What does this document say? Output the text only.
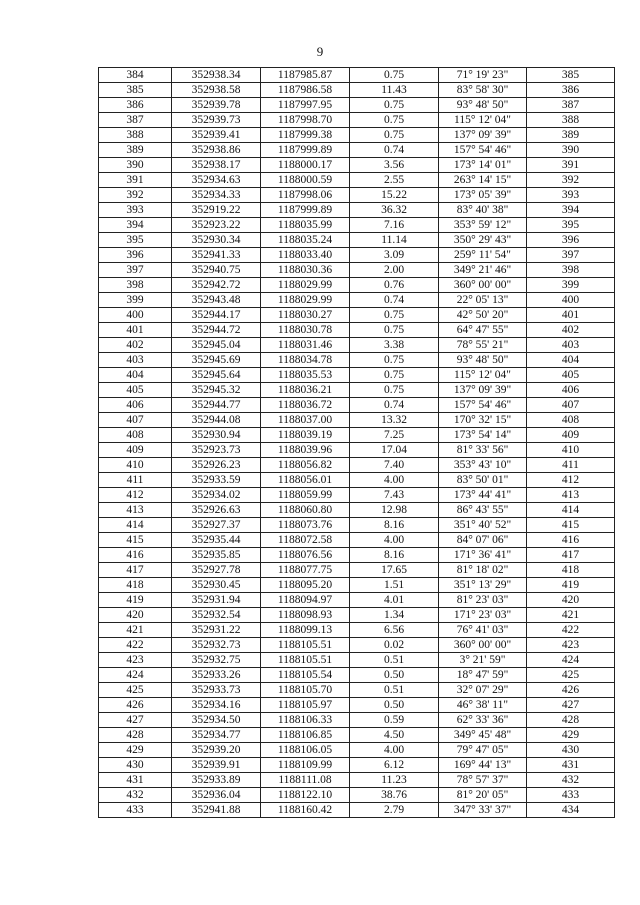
9
384	352938.34	1187985.87	0.75	71° 19' 23"	385
385	352938.58	1187986.58	11.43	83° 58' 30"	386
386	352939.78	1187997.95	0.75	93° 48' 50"	387
387	352939.73	1187998.70	0.75	115° 12' 04"	388
388	352939.41	1187999.38	0.75	137° 09' 39"	389
389	352938.86	1187999.89	0.74	157° 54' 46"	390
390	352938.17	1188000.17	3.56	173° 14' 01"	391
391	352934.63	1188000.59	2.55	263° 14' 15"	392
392	352934.33	1187998.06	15.22	173° 05' 39"	393
393	352919.22	1187999.89	36.32	83° 40' 38"	394
394	352923.22	1188035.99	7.16	353° 59' 12"	395
395	352930.34	1188035.24	11.14	350° 29' 43"	396
396	352941.33	1188033.40	3.09	259° 11' 54"	397
397	352940.75	1188030.36	2.00	349° 21' 46"	398
398	352942.72	1188029.99	0.76	360° 00' 00"	399
399	352943.48	1188029.99	0.74	22° 05' 13"	400
400	352944.17	1188030.27	0.75	42° 50' 20"	401
401	352944.72	1188030.78	0.75	64° 47' 55"	402
402	352945.04	1188031.46	3.38	78° 55' 21"	403
403	352945.69	1188034.78	0.75	93° 48' 50"	404
404	352945.64	1188035.53	0.75	115° 12' 04"	405
405	352945.32	1188036.21	0.75	137° 09' 39"	406
406	352944.77	1188036.72	0.74	157° 54' 46"	407
407	352944.08	1188037.00	13.32	170° 32' 15"	408
408	352930.94	1188039.19	7.25	173° 54' 14"	409
409	352923.73	1188039.96	17.04	81° 33' 56"	410
410	352926.23	1188056.82	7.40	353° 43' 10"	411
411	352933.59	1188056.01	4.00	83° 50' 01"	412
412	352934.02	1188059.99	7.43	173° 44' 41"	413
413	352926.63	1188060.80	12.98	86° 43' 55"	414
414	352927.37	1188073.76	8.16	351° 40' 52"	415
415	352935.44	1188072.58	4.00	84° 07' 06"	416
416	352935.85	1188076.56	8.16	171° 36' 41"	417
417	352927.78	1188077.75	17.65	81° 18' 02"	418
418	352930.45	1188095.20	1.51	351° 13' 29"	419
419	352931.94	1188094.97	4.01	81° 23' 03"	420
420	352932.54	1188098.93	1.34	171° 23' 03"	421
421	352931.22	1188099.13	6.56	76° 41' 03"	422
422	352932.73	1188105.51	0.02	360° 00' 00"	423
423	352932.75	1188105.51	0.51	3° 21' 59"	424
424	352933.26	1188105.54	0.50	18° 47' 59"	425
425	352933.73	1188105.70	0.51	32° 07' 29"	426
426	352934.16	1188105.97	0.50	46° 38' 11"	427
427	352934.50	1188106.33	0.59	62° 33' 36"	428
428	352934.77	1188106.85	4.50	349° 45' 48"	429
429	352939.20	1188106.05	4.00	79° 47' 05"	430
430	352939.91	1188109.99	6.12	169° 44' 13"	431
431	352933.89	1188111.08	11.23	78° 57' 37"	432
432	352936.04	1188122.10	38.76	81° 20' 05"	433
433	352941.88	1188160.42	2.79	347° 33' 37"	434
